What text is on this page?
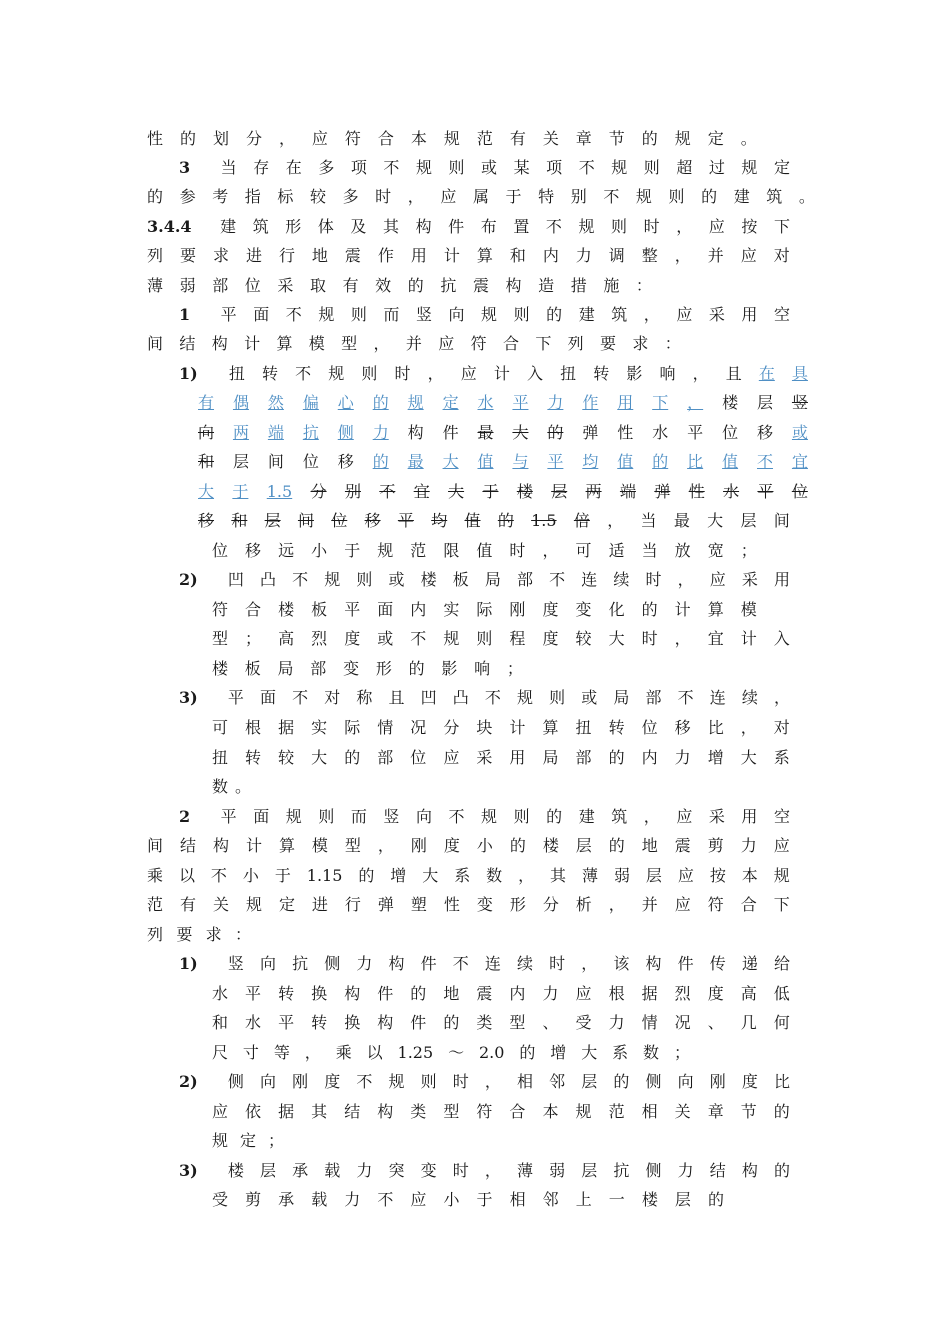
性 的 划 分 ， 应 符 合 本 规 范 有 关 章 节 的 规 定 。
3 当 存 在 多 项 不 规 则 或 某 项 不 规 则 超 过 规 定
的 参 考 指 标 较 多 时 ， 应 属 于 特 别 不 规 则 的 建 筑 。
3.4.4 建 筑 形 体 及 其 构 件 布 置 不 规 则 时 ， 应 按 下
列 要 求 进 行 地 震 作 用 计 算 和 内 力 调 整 ， 并 应 对
薄 弱 部 位 采 取 有 效 的 抗 震 构 造 措 施 ：
1 平 面 不 规 则 而 竖 向 规 则 的 建 筑 ， 应 采 用 空
间 结 构 计 算 模 型 ， 并 应 符 合 下 列 要 求 ：
1) 扭 转 不 规 则 时 ， 应 计 入 扭 转 影 响 ， 且 在 具
有 偶 然 偏 心 的 规 定 水 平 力 作 用 下 ， 楼 层 竖
向 两 端 抗 侧 力 构 件 最 大 的 弹 性 水 平 位 移 或
和 层 间 位 移 的 最 大 值 与 平 均 值 的 比 值 不 宜
大 于 1.5 分 别 不 宜 大 于 楼 层 两 端 弹 性 水 平 位
移 和 层 间 位 移 平 均 值 的 1.5 倍 ， 当 最 大 层 间
位 移 远 小 于 规 范 限 值 时 ， 可 适 当 放 宽 ；
2) 凹 凸 不 规 则 或 楼 板 局 部 不 连 续 时 ， 应 采 用
符 合 楼 板 平 面 内 实 际 刚 度 变 化 的 计 算 模
型 ； 高 烈 度 或 不 规 则 程 度 较 大 时 ， 宜 计 入
楼 板 局 部 变 形 的 影 响 ；
3) 平 面 不 对 称 且 凹 凸 不 规 则 或 局 部 不 连 续 ，
可 根 据 实 际 情 况 分 块 计 算 扭 转 位 移 比 ， 对
扭 转 较 大 的 部 位 应 采 用 局 部 的 内 力 增 大 系
数 。
2 平 面 规 则 而 竖 向 不 规 则 的 建 筑 ， 应 采 用 空
间 结 构 计 算 模 型 ， 刚 度 小 的 楼 层 的 地 震 剪 力 应
乘 以 不 小 于 1.15 的 增 大 系 数 ， 其 薄 弱 层 应 按 本 规
范 有 关 规 定 进 行 弹 塑 性 变 形 分 析 ， 并 应 符 合 下
列 要 求 ：
1) 竖 向 抗 侧 力 构 件 不 连 续 时 ， 该 构 件 传 递 给
水 平 转 换 构 件 的 地 震 内 力 应 根 据 烈 度 高 低
和 水 平 转 换 构 件 的 类 型 、 受 力 情 况 、 几 何
尺 寸 等 ， 乘 以 1.25 ～ 2.0 的 增 大 系 数 ；
2) 侧 向 刚 度 不 规 则 时 ， 相 邻 层 的 侧 向 刚 度 比
应 依 据 其 结 构 类 型 符 合 本 规 范 相 关 章 节 的
规 定 ；
3) 楼 层 承 载 力 突 变 时 ， 薄 弱 层 抗 侧 力 结 构 的
受 剪 承 载 力 不 应 小 于 相 邻 上 一 楼 层 的
